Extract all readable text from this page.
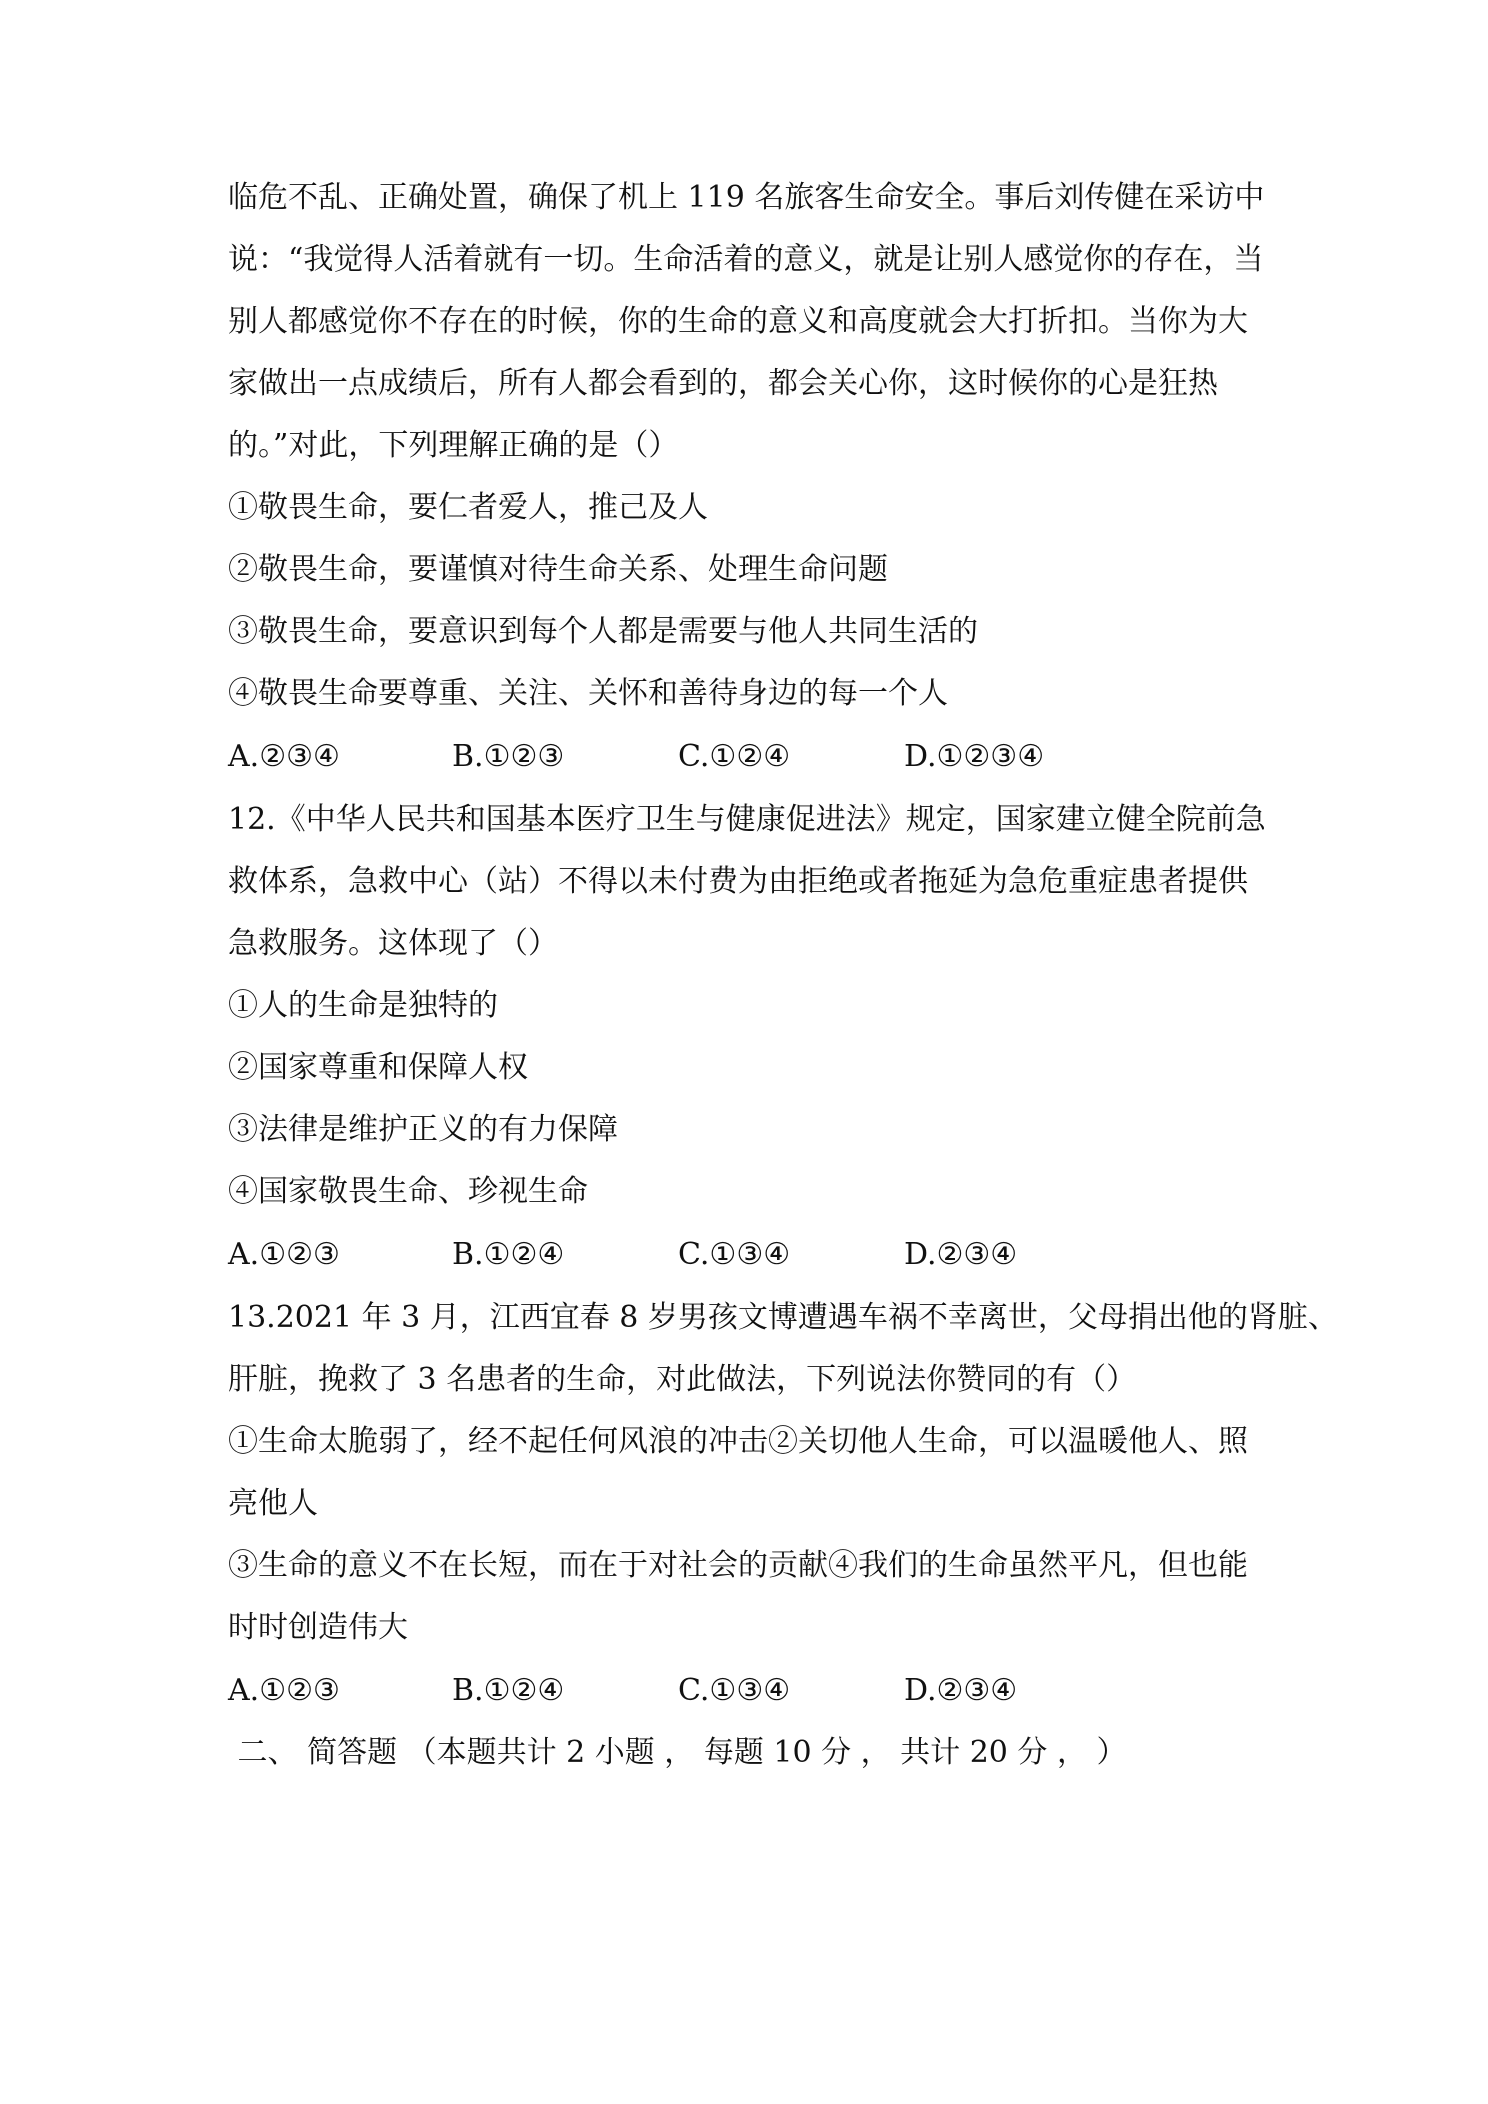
临危不乱、正确处置，确保了机上 119 名旅客生命安全。事后刘传健在采访中
说：“我觉得人活着就有一切。生命活着的意义，就是让别人感觉你的存在，当
别人都感觉你不存在的时候，你的生命的意义和高度就会大打折扣。当你为大
家做出一点成绩后，所有人都会看到的，都会关心你，这时候你的心是狂热
的。”对此，下列理解正确的是（）
①敬畏生命，要仁者爱人，推己及人
②敬畏生命，要谨慎对待生命关系、处理生命问题
③敬畏生命，要意识到每个人都是需要与他人共同生活的
④敬畏生命要尊重、关注、关怀和善待身边的每一个人
A.②③④	B.①②③	C.①②④	D.①②③④
12.《中华人民共和国基本医疗卫生与健康促进法》规定，国家建立健全院前急
救体系，急救中心（站）不得以未付费为由拒绝或者拖延为急危重症患者提供
急救服务。这体现了（）
①人的生命是独特的
②国家尊重和保障人权
③法律是维护正义的有力保障
④国家敬畏生命、珍视生命
A.①②③	B.①②④	C.①③④	D.②③④
13.2021 年 3 月，江西宜春 8 岁男孩文博遭遇车祸不幸离世，父母捐出他的肾脏、
肝脏，挽救了 3 名患者的生命，对此做法，下列说法你赞同的有（）
①生命太脆弱了，经不起任何风浪的冲击②关切他人生命，可以温暖他人、照
亮他人
③生命的意义不在长短，而在于对社会的贡献④我们的生命虽然平凡，但也能
时时创造伟大
A.①②③	B.①②④	C.①③④	D.②③④
二、 简答题 （本题共计 2 小题 ， 每题 10 分 ， 共计 20 分 ， ）
